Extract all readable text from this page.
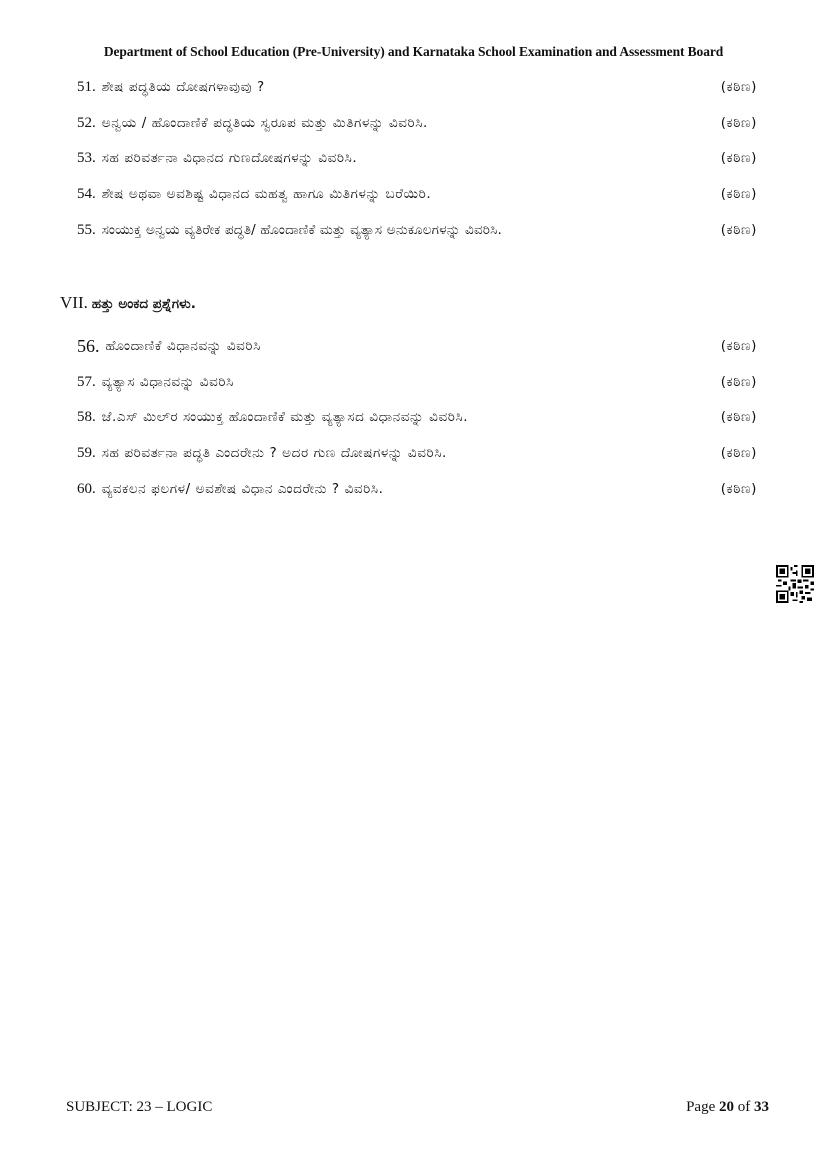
Department of School Education (Pre-University) and Karnataka School Examination and Assessment Board
51. ಶೇಷ ಪದ್ಧತಿಯ ದೋಷಗಳಾವುವು ?	(ಕಠಿಣ)
52. ಅನ್ವಯ / ಹೊಂದಾಣಿಕೆ ಪದ್ಧತಿಯ ಸ್ವರೂಪ ಮತ್ತು ಮಿತಿಗಳನ್ನು ವಿವರಿಸಿ.	(ಕಠಿಣ)
53. ಸಹ ಪರಿವರ್ತನಾ ವಿಧಾನದ ಗುಣದೋಷಗಳನ್ನು ವಿವರಿಸಿ.	(ಕಠಿಣ)
54. ಶೇಷ ಅಥವಾ ಅವಶಿಷ್ಟ ವಿಧಾನದ ಮಹತ್ವ ಹಾಗೂ ಮಿತಿಗಳನ್ನು ಬರೆಯಿರಿ.	(ಕಠಿಣ)
55. ಸಂಯುಕ್ತ ಅನ್ವಯ ವ್ಯತಿರೇಕ ಪದ್ಧತಿ/ ಹೊಂದಾಣಿಕೆ ಮತ್ತು ವ್ಯತ್ಯಾಸ ಅನುಕೂಲಗಳನ್ನು ವಿವರಿಸಿ.	(ಕಠಿಣ)
VII. ಹತ್ತು ಅಂಕದ ಪ್ರಶ್ನೆಗಳು.
56. ಹೊಂದಾಣಿಕೆ ವಿಧಾನವನ್ನು ವಿವರಿಸಿ	(ಕಠಿಣ)
57. ವ್ಯತ್ಯಾಸ ವಿಧಾನವನ್ನು ವಿವರಿಸಿ	(ಕಠಿಣ)
58. ಜೆ.ಎಸ್ ಮಿಲ್‌ರ ಸಂಯುಕ್ತ ಹೊಂದಾಣಿಕೆ ಮತ್ತು ವ್ಯತ್ಯಾಸದ ವಿಧಾನವನ್ನು ವಿವರಿಸಿ.	(ಕಠಿಣ)
59. ಸಹ ಪರಿವರ್ತನಾ ಪದ್ಧತಿ ಎಂದರೇನು ? ಅದರ ಗುಣ ದೋಷಗಳನ್ನು ವಿವರಿಸಿ.	(ಕಠಿಣ)
60. ವ್ಯವಕಲನ ಫಲಗಳ/ ಅವಶೇಷ ವಿಧಾನ ಎಂದರೇನು ? ವಿವರಿಸಿ.	(ಕಠಿಣ)
SUBJECT: 23 – LOGIC	Page 20 of 33
